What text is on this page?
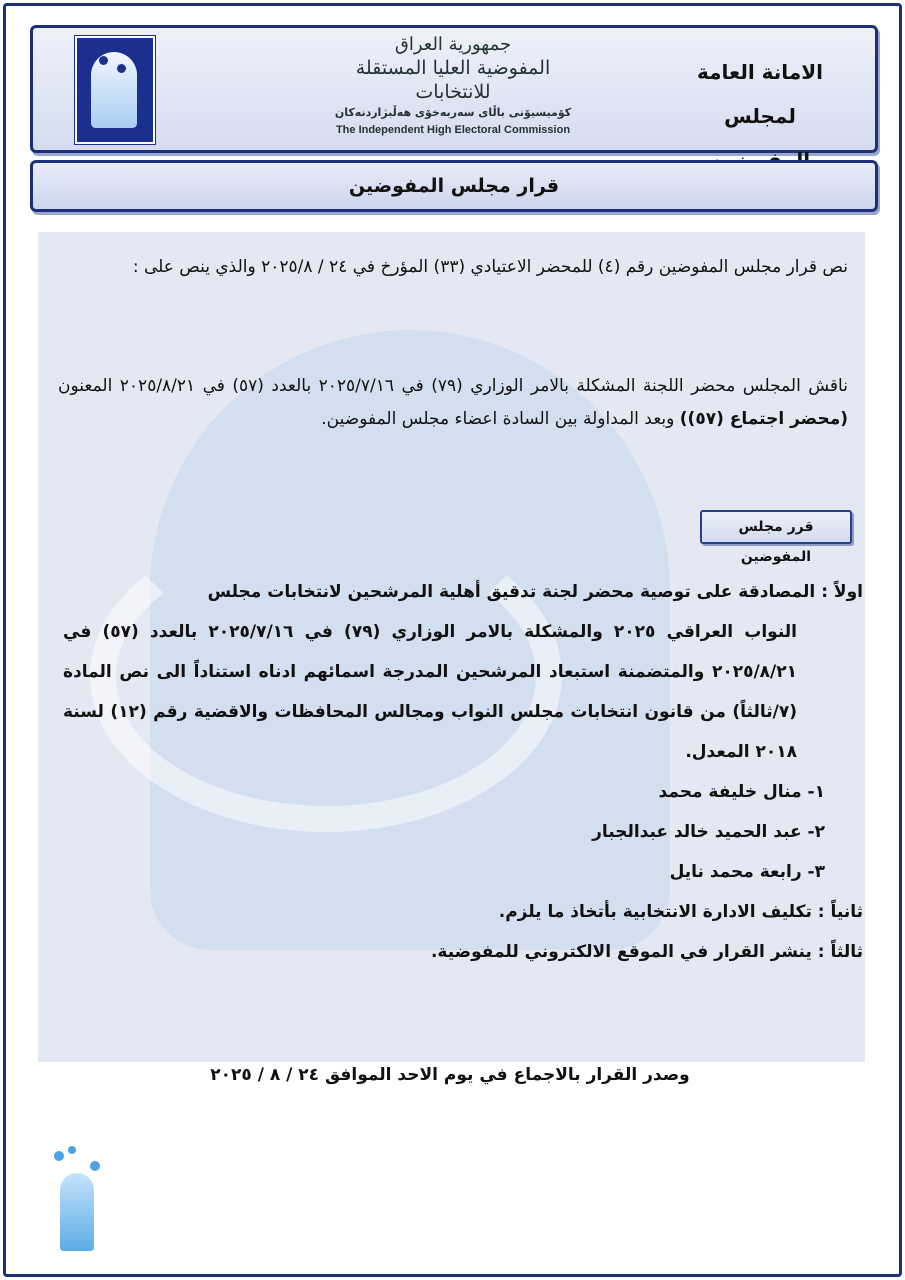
جمهورية العراق
المفوضية العليا المستقلة للانتخابات
كۆميسيۆنى باڵاى سەربەخۆى هەڵبژاردنەكان
The Independent High Electoral Commission
الامانة العامة
لمجلس
قرار مجلس المفوضين
نص قرار مجلس المفوضين رقم (٤) للمحضر الاعتيادي (٣٣) المؤرخ في ٢٤ / ٢٠٢٥/٨ والذي ينص على :
ناقش المجلس محضر اللجنة المشكلة بالامر الوزاري (٧٩) في ٢٠٢٥/٧/١٦ بالعدد (٥٧) في ٢٠٢٥/٨/٢١ المعنون (محضر اجتماع (٥٧)) وبعد المداولة بين السادة اعضاء مجلس المفوضين.
قرر مجلس المفوضين
اولاً :
المصادقة على توصية محضر لجنة تدقيق أهلية المرشحين لانتخابات مجلس
النواب العراقي ٢٠٢٥ والمشكلة بالامر الوزاري (٧٩) في ٢٠٢٥/٧/١٦ بالعدد (٥٧) في ٢٠٢٥/٨/٢١ والمتضمنة استبعاد المرشحين المدرجة اسمائهم ادناه استناداً الى نص المادة (٧/ثالثاً) من قانون انتخابات مجلس النواب ومجالس المحافظات والاقضية رقم (١٢) لسنة ٢٠١٨ المعدل.
١- منال خليفة محمد
٢- عبد الحميد خالد عبدالجبار
٣- رابعة محمد نايل
ثانياً : تكليف الادارة الانتخابية بأتخاذ ما يلزم.
ثالثاً : ينشر القرار في الموقع الالكتروني للمفوضية.
وصدر القرار بالاجماع في يوم الاحد الموافق ٢٤ / ٨ / ٢٠٢٥
